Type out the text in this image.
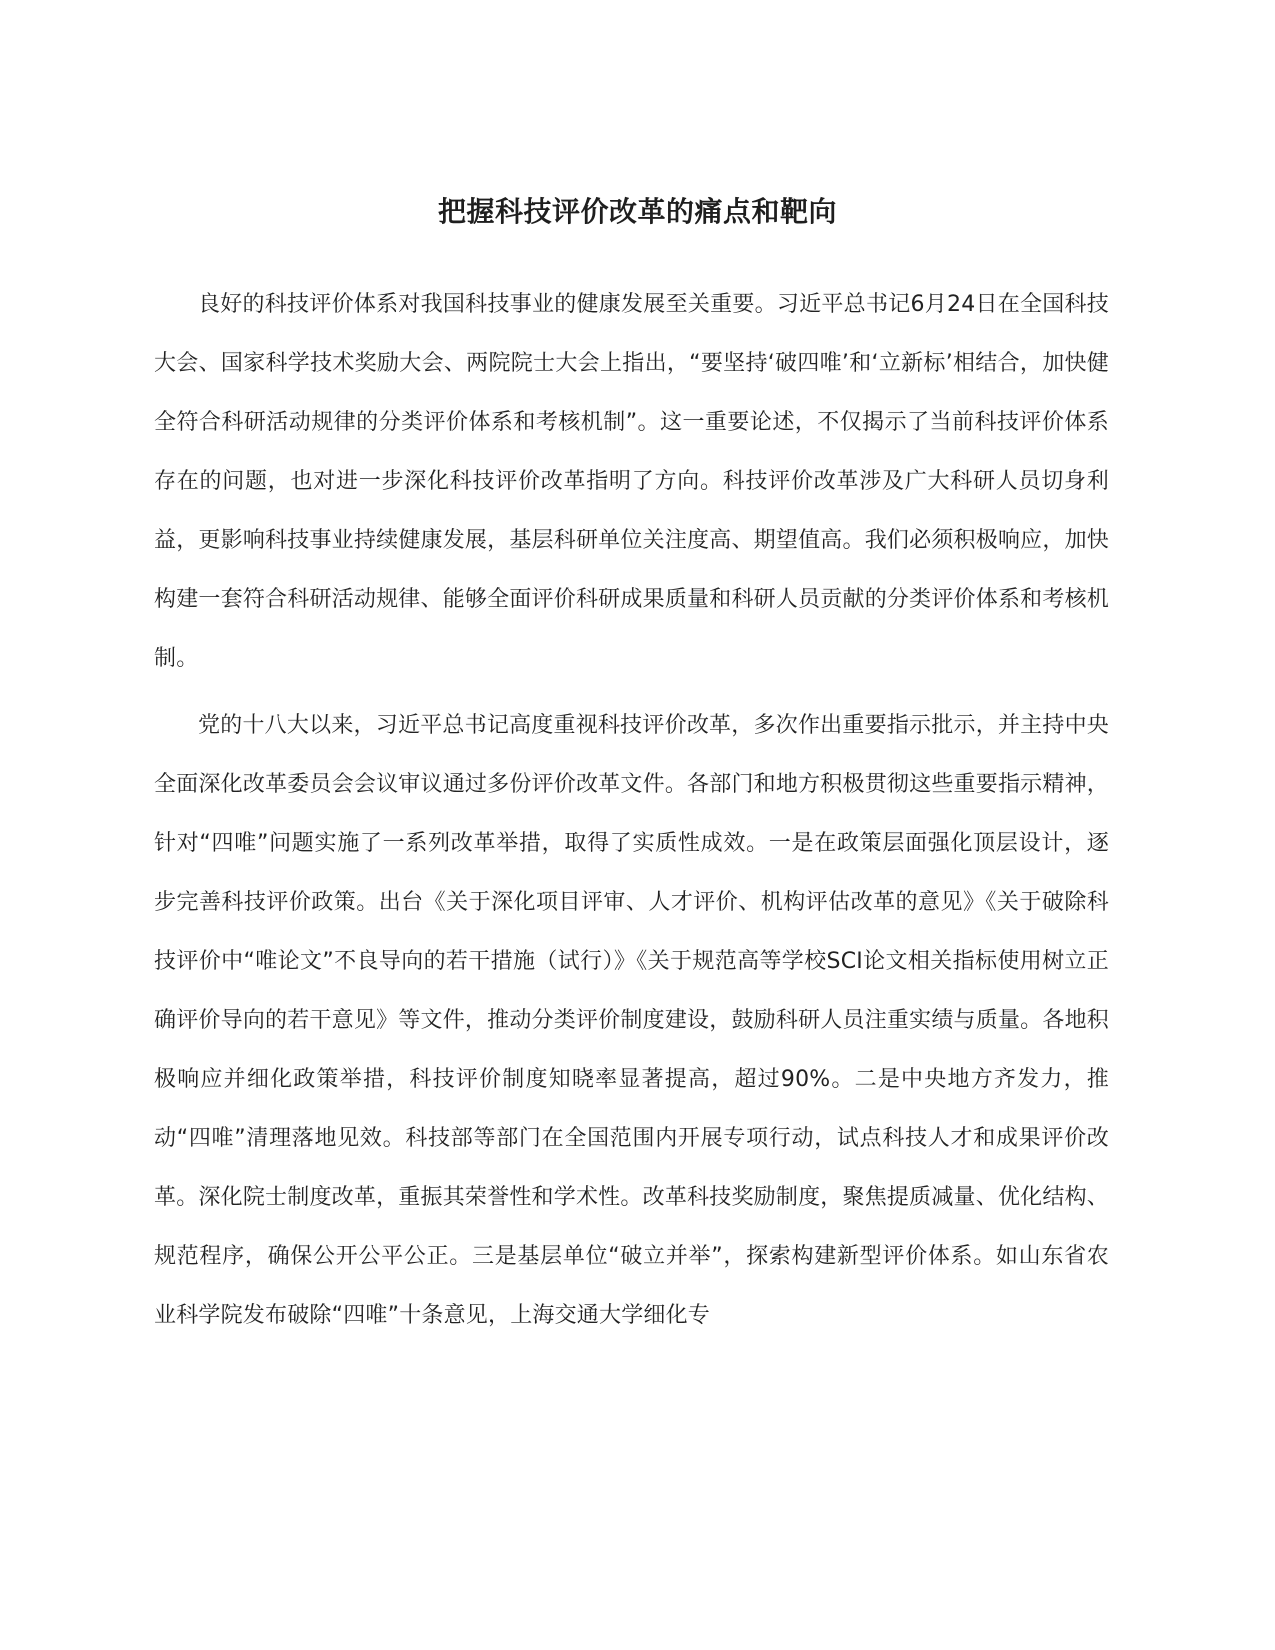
把握科技评价改革的痛点和靶向

良好的科技评价体系对我国科技事业的健康发展至关重要。习近平总书记6月24日在全国科技大会、国家科学技术奖励大会、两院院士大会上指出，“要坚持‘破四唯’和‘立新标’相结合，加快健全符合科研活动规律的分类评价体系和考核机制”。这一重要论述，不仅揭示了当前科技评价体系存在的问题，也对进一步深化科技评价改革指明了方向。科技评价改革涉及广大科研人员切身利益，更影响科技事业持续健康发展，基层科研单位关注度高、期望值高。我们必须积极响应，加快构建一套符合科研活动规律、能够全面评价科研成果质量和科研人员贡献的分类评价体系和考核机制。

党的十八大以来，习近平总书记高度重视科技评价改革，多次作出重要指示批示，并主持中央全面深化改革委员会会议审议通过多份评价改革文件。各部门和地方积极贯彻这些重要指示精神，针对“四唯”问题实施了一系列改革举措，取得了实质性成效。一是在政策层面强化顶层设计，逐步完善科技评价政策。出台《关于深化项目评审、人才评价、机构评估改革的意见》《关于破除科技评价中“唯论文”不良导向的若干措施（试行）》《关于规范高等学校SCI论文相关指标使用树立正确评价导向的若干意见》等文件，推动分类评价制度建设，鼓励科研人员注重实绩与质量。各地积极响应并细化政策举措，科技评价制度知晓率显著提高，超过90%。二是中央地方齐发力，推动“四唯”清理落地见效。科技部等部门在全国范围内开展专项行动，试点科技人才和成果评价改革。深化院士制度改革，重振其荣誉性和学术性。改革科技奖励制度，聚焦提质减量、优化结构、规范程序，确保公开公平公正。三是基层单位“破立并举”，探索构建新型评价体系。如山东省农业科学院发布破除“四唯”十条意见，上海交通大学细化专
